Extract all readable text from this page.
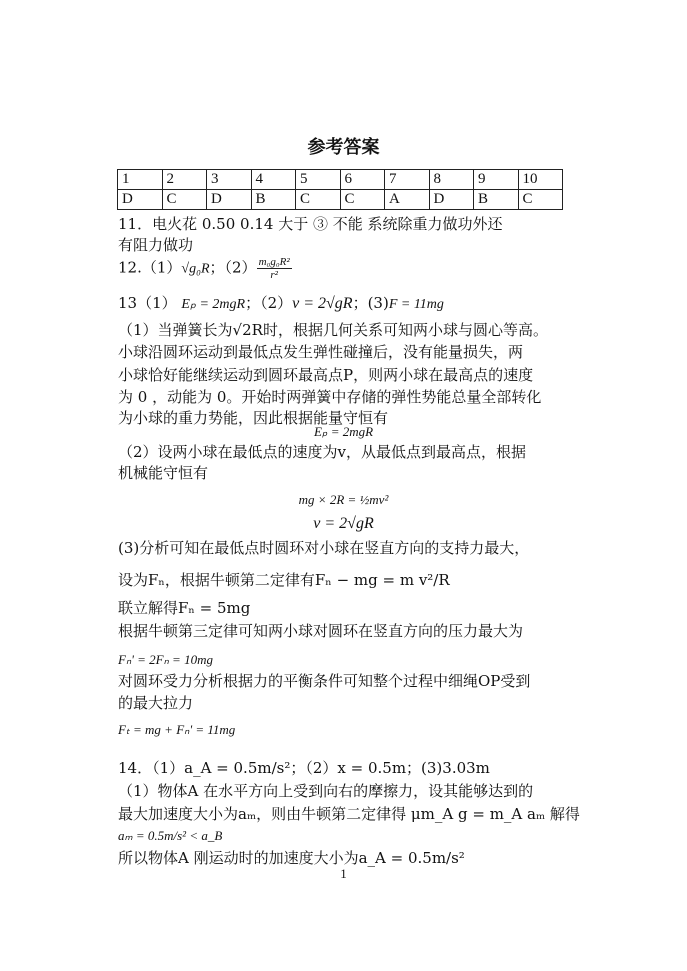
参考答案
1	2	3	4	5	6	7	8	9	10
D	C	D	B	C	C	A	D	B	C
11．电火花 0.50 0.14 大于 ③ 不能 系统除重力做功外还
有阻力做功
12.（1）√g₀R；$(2) \frac{\text{m₀g₀R²}}{\text{r²}}$
13（1） Eₚ = 2mgR；（2）v = 2√gR；(3)F = 11mg
（1）当弹簧长为√2R时，根据几何关系可知两小球与圆心等高。
小球沿圆环运动到最低点发生弹性碰撞后，没有能量损失，两
小球恰好能继续运动到圆环最高点P，则两小球在最高点的速度
为 0 ，动能为 0。开始时两弹簧中存储的弹性势能总量全部转化
为小球的重力势能，因此根据能量守恒有
Eₚ = 2mgR
（2）设两小球在最低点的速度为v，从最低点到最高点，根据
机械能守恒有
mg × 2R = ½mv²
v = 2√gR
(3)分析可知在最低点时圆环对小球在竖直方向的支持力最大，
设为Fₙ，根据牛顿第二定律有Fₙ − mg = m v²/R
联立解得Fₙ = 5mg
根据牛顿第三定律可知两小球对圆环在竖直方向的压力最大为
Fₙ' = 2Fₙ = 10mg
对圆环受力分析根据力的平衡条件可知整个过程中细绳OP受到
的最大拉力
Fₜ = mg + Fₙ' = 11mg
14．（1）a_A = 0.5m/s²；（2）x = 0.5m；(3)3.03m
（1）物体A 在水平方向上受到向右的摩擦力，设其能够达到的
最大加速度大小为aₘ，则由牛顿第二定律得 μm_A g = m_A aₘ 解得
aₘ = 0.5m/s² < a_B
所以物体A 刚运动时的加速度大小为a_A = 0.5m/s²
1
